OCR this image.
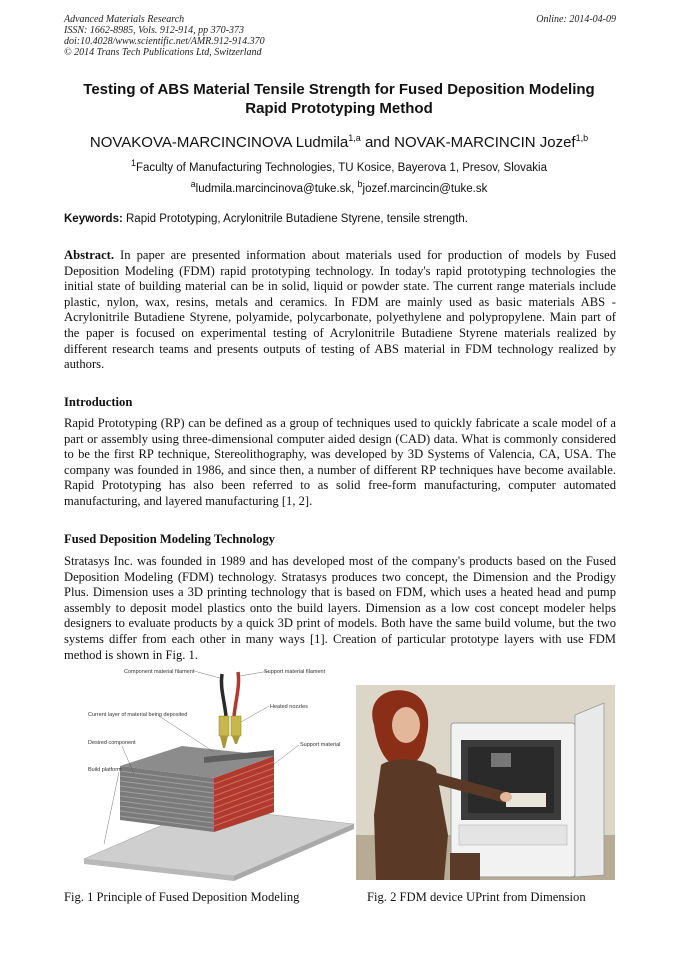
Advanced Materials Research
ISSN: 1662-8985, Vols. 912-914, pp 370-373
doi:10.4028/www.scientific.net/AMR.912-914.370
© 2014 Trans Tech Publications Ltd, Switzerland
Online: 2014-04-09
Testing of ABS Material Tensile Strength for Fused Deposition Modeling
Rapid Prototyping Method
NOVAKOVA-MARCINCINOVA Ludmila$^{1,a}$ and NOVAK-MARCINCIN Jozef$^{1,b}$
$^1$Faculty of Manufacturing Technologies, TU Kosice, Bayerova 1, Presov, Slovakia
$^a$ludmila.marcincinova@tuke.sk, $^b$jozef.marcincin@tuke.sk
Keywords: Rapid Prototyping, Acrylonitrile Butadiene Styrene, tensile strength.
Abstract. In paper are presented information about materials used for production of models by Fused Deposition Modeling (FDM) rapid prototyping technology. In today's rapid prototyping technologies the initial state of building material can be in solid, liquid or powder state. The current range materials include plastic, nylon, wax, resins, metals and ceramics. In FDM are mainly used as basic materials ABS - Acrylonitrile Butadiene Styrene, polyamide, polycarbonate, polyethylene and polypropylene. Main part of the paper is focused on experimental testing of Acrylonitrile Butadiene Styrene materials realized by different research teams and presents outputs of testing of ABS material in FDM technology realized by authors.
Introduction
Rapid Prototyping (RP) can be defined as a group of techniques used to quickly fabricate a scale model of a part or assembly using three-dimensional computer aided design (CAD) data. What is commonly considered to be the first RP technique, Stereolithography, was developed by 3D Systems of Valencia, CA, USA. The company was founded in 1986, and since then, a number of different RP techniques have become available. Rapid Prototyping has also been referred to as solid free-form manufacturing, computer automated manufacturing, and layered manufacturing [1, 2].
Fused Deposition Modeling Technology
Stratasys Inc. was founded in 1989 and has developed most of the company's products based on the Fused Deposition Modeling (FDM) technology. Stratasys produces two concept, the Dimension and the Prodigy Plus. Dimension uses a 3D printing technology that is based on FDM, which uses a heated head and pump assembly to deposit model plastics onto the build layers. Dimension as a low cost concept modeler helps designers to evaluate products by a quick 3D print of models. Both have the same build volume, but the two systems differ from each other in many ways [1]. Creation of particular prototype layers with use FDM method is shown in Fig. 1.
Component material filament	Support material filament
Heated nozzles
Current layer of material being deposited
Support material
Desired component
Build platform
Fig. 1 Principle of Fused Deposition Modeling	Fig. 2 FDM device UPrint from Dimension
